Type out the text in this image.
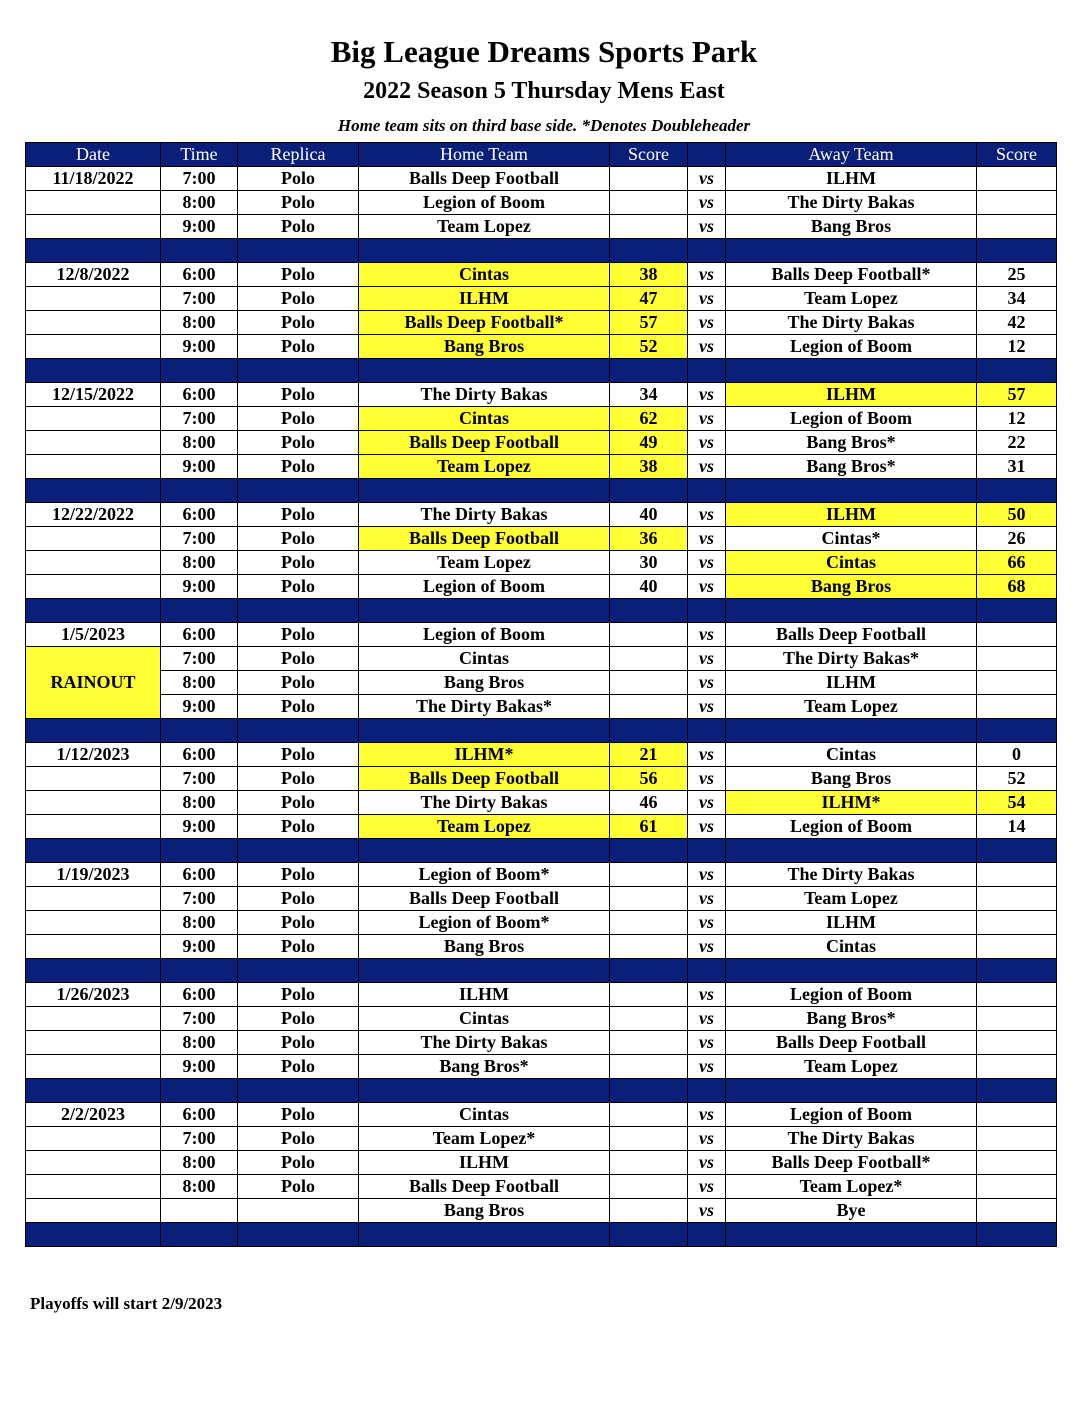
Big League Dreams Sports Park
2022 Season 5 Thursday Mens East
Home team sits on third base side. *Denotes Doubleheader
Date	Time	Replica	Home Team	Score		Away Team	Score
11/18/2022	7:00	Polo	Balls Deep Football		vs	ILHM	
	8:00	Polo	Legion of Boom		vs	The Dirty Bakas	
	9:00	Polo	Team Lopez		vs	Bang Bros	

12/8/2022	6:00	Polo	Cintas	38	vs	Balls Deep Football*	25
	7:00	Polo	ILHM	47	vs	Team Lopez	34
	8:00	Polo	Balls Deep Football*	57	vs	The Dirty Bakas	42
	9:00	Polo	Bang Bros	52	vs	Legion of Boom	12

12/15/2022	6:00	Polo	The Dirty Bakas	34	vs	ILHM	57
	7:00	Polo	Cintas	62	vs	Legion of Boom	12
	8:00	Polo	Balls Deep Football	49	vs	Bang Bros*	22
	9:00	Polo	Team Lopez	38	vs	Bang Bros*	31

12/22/2022	6:00	Polo	The Dirty Bakas	40	vs	ILHM	50
	7:00	Polo	Balls Deep Football	36	vs	Cintas*	26
	8:00	Polo	Team Lopez	30	vs	Cintas	66
	9:00	Polo	Legion of Boom	40	vs	Bang Bros	68

1/5/2023	6:00	Polo	Legion of Boom		vs	Balls Deep Football	
RAINOUT	7:00	Polo	Cintas		vs	The Dirty Bakas*	
	8:00	Polo	Bang Bros		vs	ILHM	
	9:00	Polo	The Dirty Bakas*		vs	Team Lopez	

1/12/2023	6:00	Polo	ILHM*	21	vs	Cintas	0
	7:00	Polo	Balls Deep Football	56	vs	Bang Bros	52
	8:00	Polo	The Dirty Bakas	46	vs	ILHM*	54
	9:00	Polo	Team Lopez	61	vs	Legion of Boom	14

1/19/2023	6:00	Polo	Legion of Boom*		vs	The Dirty Bakas	
	7:00	Polo	Balls Deep Football		vs	Team Lopez	
	8:00	Polo	Legion of Boom*		vs	ILHM	
	9:00	Polo	Bang Bros		vs	Cintas	

1/26/2023	6:00	Polo	ILHM		vs	Legion of Boom	
	7:00	Polo	Cintas		vs	Bang Bros*	
	8:00	Polo	The Dirty Bakas		vs	Balls Deep Football	
	9:00	Polo	Bang Bros*		vs	Team Lopez	

2/2/2023	6:00	Polo	Cintas		vs	Legion of Boom	
	7:00	Polo	Team Lopez*		vs	The Dirty Bakas	
	8:00	Polo	ILHM		vs	Balls Deep Football*	
	8:00	Polo	Balls Deep Football		vs	Team Lopez*	
			Bang Bros		vs	Bye	

Playoffs will start 2/9/2023
